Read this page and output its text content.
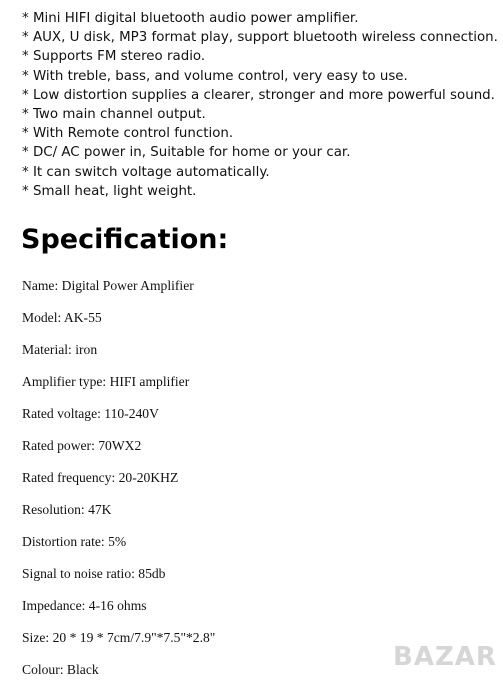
* Mini HIFI digital bluetooth audio power amplifier.
* AUX, U disk, MP3 format play, support bluetooth wireless connection.
* Supports FM stereo radio.
* With treble, bass, and volume control, very easy to use.
* Low distortion supplies a clearer, stronger and more powerful sound.
* Two main channel output.
* With Remote control function.
* DC/ AC power in, Suitable for home or your car.
* It can switch voltage automatically.
* Small heat, light weight.
Specification:
Name: Digital Power Amplifier
Model: AK-55
Material: iron
Amplifier type: HIFI amplifier
Rated voltage: 110-240V
Rated power: 70WX2
Rated frequency: 20-20KHZ
Resolution: 47K
Distortion rate: 5%
Signal to noise ratio: 85db
Impedance: 4-16 ohms
Size: 20 * 19 * 7cm/7.9"*7.5"*2.8"
Colour: Black	BAZAR
